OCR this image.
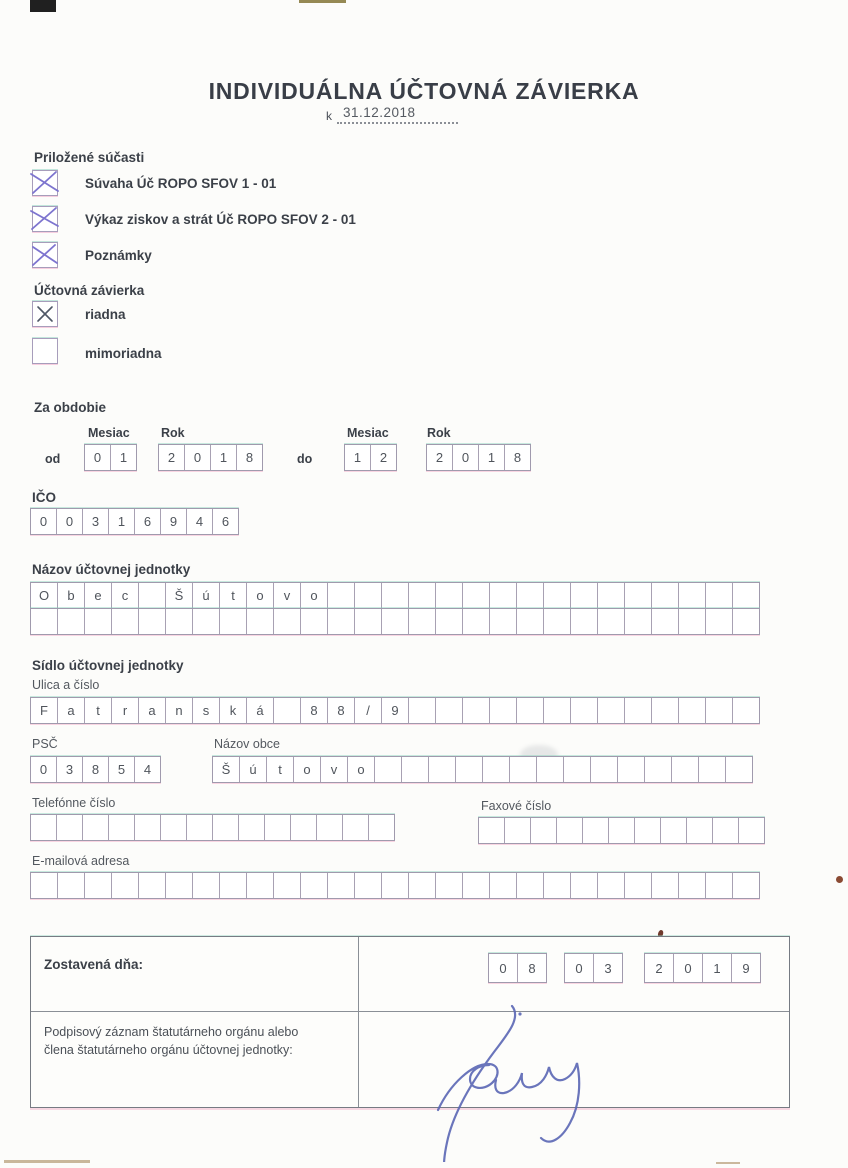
INDIVIDUÁLNA ÚČTOVNÁ ZÁVIERKA
k 31.12.2018
Priložené súčasti
Súvaha Úč ROPO SFOV 1 - 01
Výkaz ziskov a strát Úč ROPO SFOV 2 - 01
Poznámky
Účtovná závierka
riadna
mimoriadna
Za obdobie
Mesiac	Rok	Mesiac	Rok
od	0	1	2	0	1	8	do	1	2	2	0	1	8
IČO
0	0	3	1	6	9	4	6
Názov účtovnej jednotky
O	b	e	c	Š	ú	t	o	v	o
Sídlo účtovnej jednotky
Ulica a číslo
F	a	t	r	a	n	s	k	á	8	8	/	9
PSČ
0	3	8	5	4
Názov obce
Š	ú	t	o	v	o
Telefónne číslo	Faxové číslo
E-mailová adresa
Zostavená dňa:	0	8	0	3	2	0	1	9
Podpisový záznam štatutárneho orgánu alebo
člena štatutárneho orgánu účtovnej jednotky:
